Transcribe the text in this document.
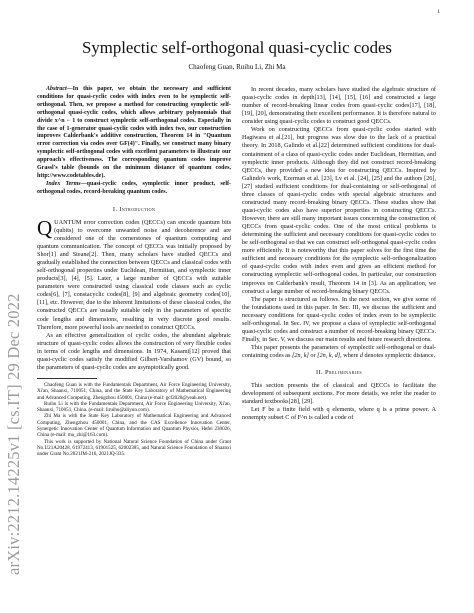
1
arXiv:2212.14225v1 [cs.IT] 29 Dec 2022
Symplectic self-orthogonal quasi-cyclic codes
Chaofeng Guan, Ruihu Li, Zhi Ma

Abstract—In this paper, we obtain the necessary and sufficient conditions for quasi-cyclic codes with index even to be symplectic self-orthogonal. Then, we propose a method for constructing symplectic self-orthogonal quasi-cyclic codes, which allows arbitrary polynomials that divide x^n − 1 to construct symplectic self-orthogonal codes. Especially in the case of 1-generator quasi-cyclic codes with index two, our construction improves Calderbank's additive construction, Theorem 14 in "Quantum error correction via codes over GF(4)". Finally, we construct many binary symplectic self-orthogonal codes with excellent parameters to illustrate our approach's effectiveness. The corresponding quantum codes improve Grassl's table (bounds on the minimum distance of quantum codes, http://www.codetables.de).

Index Terms—quasi-cyclic codes, symplectic inner product, self-orthogonal codes, record-breaking quantum codes.

I. Introduction

QUANTUM error correction codes (QECCs) can encode quantum bits (qubits) to overcome unwanted noise and decoherence and are considered one of the cornerstones of quantum computing and quantum communication. The concept of QECCs was initially proposed by Shor[1] and Steane[2]. Then, many scholars have studied QECCs and gradually established the connection between QECCs and classical codes with self-orthogonal properties under Euclidean, Hermitian, and symplectic inner products[3], [4], [5]. Later, a large number of QECCs with suitable parameters were constructed using classical code classes such as cyclic codes[6], [7], constacyclic codes[8], [9] and algebraic geometry codes[10], [11], etc. However, due to the inherent limitations of these classical codes, the constructed QECCs are usually suitable only in the parameters of specific code lengths and dimensions, resulting in very discrete good results. Therefore, more powerful tools are needed to construct QECCs.

As an effective generalization of cyclic codes, the abundant algebraic structure of quasi-cyclic codes allows the construction of very flexible codes in terms of code lengths and dimensions. In 1974, Kasami[12] proved that quasi-cyclic codes satisfy the modified Gilbert-Varshamov (GV) bound, so the parameters of quasi-cyclic codes are asymptotically good.

Chaofeng Guan is with the Fundamentals Department, Air Force Engineering University, Xi'an, Shaanxi, 710051, China, and the State Key Laboratory of Mathematical Engineering and Advanced Computing, Zhengzhou 450001, China (e-mail: gcf2020@yeah.net).

Ruihu Li is with the Fundamentals Department, Air Force Engineering University, Xi'an, Shaanxi, 710051, China. (e-mail: liruihu@aliyun.com).

Zhi Ma is with the State Key Laboratory of Mathematical Engineering and Advanced Computing, Zhengzhou 450001, China, and the CAS Excellence Innovation Center, Synergetic Innovation Center of Quantum Information and Quantum Physics, Hefei 230026, China (e-mail: ma_zhi@163.com).

This work is supported by National Natural Science Foundation of China under Grant No.U21A20428, 61972413, 61901525, 62002385, and Natural Science Foundation of Shaanxi under Grant No.2021JM-216, 2021JQ-335.

In recent decades, many scholars have studied the algebraic structure of quasi-cyclic codes in depth[13], [14], [15], [16] and constructed a large number of record-breaking linear codes from quasi-cyclic codes[17], [18], [19], [20], demonstrating their excellent performance. It is therefore natural to consider using quasi-cyclic codes to construct good QECCs.

Work on constructing QECCs from quasi-cyclic codes started with Hagiwara et al.[21], but progress was slow due to the lack of a practical theory. In 2018, Galindo et al.[22] determined sufficient conditions for dual-containment of a class of quasi-cyclic codes under Euclidean, Hermitian, and symplectic inner products. Although they did not construct record-breaking QECCs, they provided a new idea for constructing QECCs. Inspired by Galindo's work, Ezerman et al. [23], Lv et al. [24], [25] and the authors [26], [27] studied sufficient conditions for dual-containing or self-orthogonal of three classes of quasi-cyclic codes with special algebraic structures and constructed many record-breaking binary QECCs. These studies show that quasi-cyclic codes also have superior properties in constructing QECCs. However, there are still many important issues concerning the construction of QECCs from quasi-cyclic codes. One of the most critical problems is determining the sufficient and necessary conditions for quasi-cyclic codes to be self-orthogonal so that we can construct self-orthogonal quasi-cyclic codes more efficiently. It is noteworthy that this paper solves for the first time the sufficient and necessary conditions for the symplectic self-orthogonalization of quasi-cyclic codes with index even and gives an efficient method for constructing symplectic self-orthogonal codes. In particular, our construction improves on Calderbank's result, Theorem 14 in [3]. As an application, we construct a large number of record-breaking binary QECCs.

The paper is structured as follows. In the next section, we give some of the foundations used in this paper. In Sec. III, we discuss the sufficient and necessary conditions for quasi-cyclic codes of index even to be symplectic self-orthogonal. In Sec. IV, we propose a class of symplectic self-orthogonal quasi-cyclic codes and construct a number of record-breaking binary QECCs. Finally, in Sec. V, we discuss our main results and future research directions.

This paper presents the parameters of symplectic self-orthogonal or dual-containing codes as [2n, k] or [2n, k, d], where d denotes symplectic distance.

II. Preliminaries

This section presents the of classical and QECCs to facilitate the development of subsequent sections. For more details, we refer the reader to standard textbooks[28], [29].

Let F be a finite field with q elements, where q is a prime power. A nonempty subset C of F^n is called a code of
